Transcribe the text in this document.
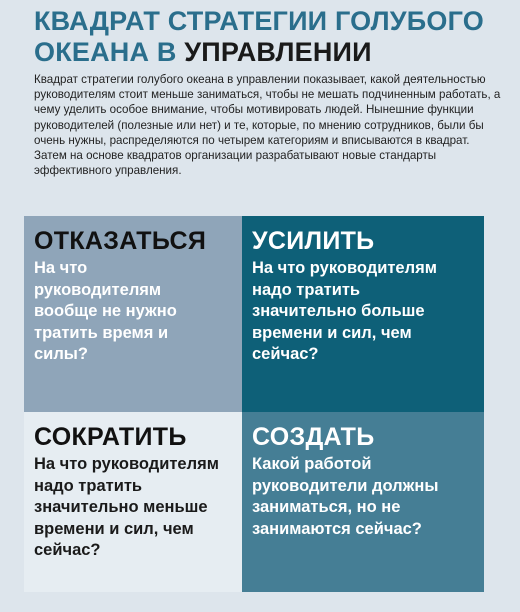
КВАДРАТ СТРАТЕГИИ ГОЛУБОГО ОКЕАНА В УПРАВЛЕНИИ

Квадрат стратегии голубого океана в управлении показывает, какой деятельностью руководителям стоит меньше заниматься, чтобы не мешать подчиненным работать, а чему уделить особое внимание, чтобы мотивировать людей. Нынешние функции руководителей (полезные или нет) и те, которые, по мнению сотрудников, были бы очень нужны, распределяются по четырем категориям и вписываются в квадрат. Затем на основе квадратов организации разрабатывают новые стандарты эффективного управления.

ОТКАЗАТЬСЯ
На что руководителям вообще не нужно тратить время и силы?
УСИЛИТЬ
На что руководителям надо тратить значительно больше времени и сил, чем сейчас?
СОКРАТИТЬ
На что руководителям надо тратить значительно меньше времени и сил, чем сейчас?
СОЗДАТЬ
Какой работой руководители должны заниматься, но не занимаются сейчас?
